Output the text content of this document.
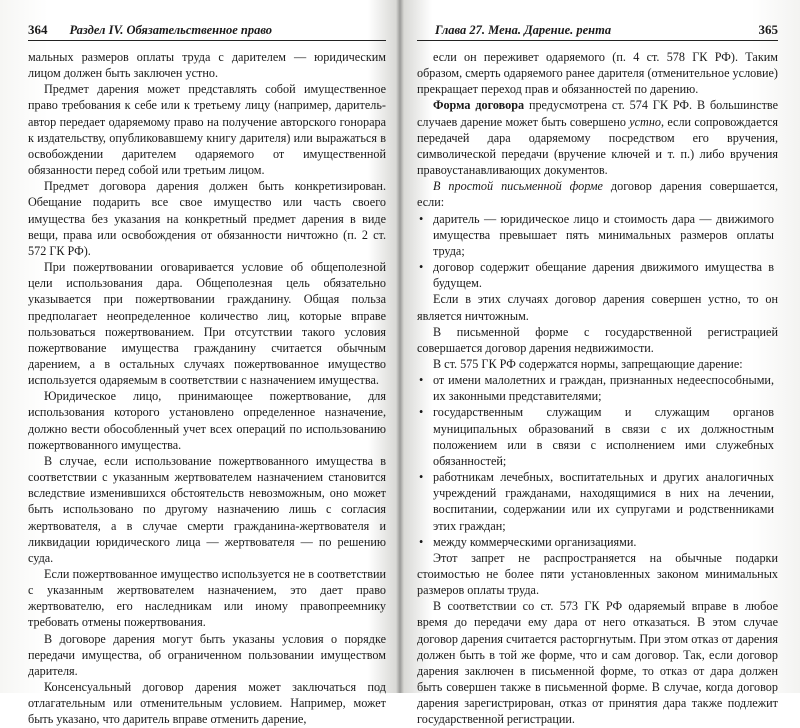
364 Раздел IV. Обязательственное право

мальных размеров оплаты труда с дарителем — юридическим лицом должен быть заключен устно.

Предмет дарения может представлять собой имущественное право требования к себе или к третьему лицу (например, даритель-автор передает одаряемому право на получение авторского гонорара к издательству, опубликовавшему книгу дарителя) или выражаться в освобождении дарителем одаряемого от имущественной обязанности перед собой или третьим лицом.

Предмет договора дарения должен быть конкретизирован. Обещание подарить все свое имущество или часть своего имущества без указания на конкретный предмет дарения в виде вещи, права или освобождения от обязанности ничтожно (п. 2 ст. 572 ГК РФ).

При пожертвовании оговаривается условие об общеполезной цели использования дара. Общеполезная цель обязательно указывается при пожертвовании гражданину. Общая польза предполагает неопределенное количество лиц, которые вправе пользоваться пожертвованием. При отсутствии такого условия пожертвование имущества гражданину считается обычным дарением, а в остальных случаях пожертвованное имущество используется одаряемым в соответствии с назначением имущества.

Юридическое лицо, принимающее пожертвование, для использования которого установлено определенное назначение, должно вести обособленный учет всех операций по использованию пожертвованного имущества.

В случае, если использование пожертвованного имущества в соответствии с указанным жертвователем назначением становится вследствие изменившихся обстоятельств невозможным, оно может быть использовано по другому назначению лишь с согласия жертвователя, а в случае смерти гражданина-жертвователя и ликвидации юридического лица — жертвователя — по решению суда.

Если пожертвованное имущество используется не в соответствии с указанным жертвователем назначением, это дает право жертвователю, его наследникам или иному правопреемнику требовать отмены пожертвования.

В договоре дарения могут быть указаны условия о порядке передачи имущества, об ограниченном пользовании имуществом дарителя.

Консенсуальный договор дарения может заключаться под отлагательным или отменительным условием. Например, может быть указано, что даритель вправе отменить дарение,

Глава 27. Мена. Дарение. рента	365

если он переживет одаряемого (п. 4 ст. 578 ГК РФ). Таким образом, смерть одаряемого ранее дарителя (отменительное условие) прекращает переход прав и обязанностей по дарению.

Форма договора предусмотрена ст. 574 ГК РФ. В большинстве случаев дарение может быть совершено устно, если сопровождается передачей дара одаряемому посредством его вручения, символической передачи (вручение ключей и т. п.) либо вручения правоустанавливающих документов.

В простой письменной форме договор дарения совершается, если:

• даритель — юридическое лицо и стоимость дара — движимого имущества превышает пять минимальных размеров оплаты труда;
• договор содержит обещание дарения движимого имущества в будущем.

Если в этих случаях договор дарения совершен устно, то он является ничтожным.

В письменной форме с государственной регистрацией совершается договор дарения недвижимости.

В ст. 575 ГК РФ содержатся нормы, запрещающие дарение:

• от имени малолетних и граждан, признанных недееспособными, их законными представителями;
• государственным служащим и служащим органов муниципальных образований в связи с их должностным положением или в связи с исполнением ими служебных обязанностей;
• работникам лечебных, воспитательных и других аналогичных учреждений гражданами, находящимися в них на лечении, воспитании, содержании или их супругами и родственниками этих граждан;
• между коммерческими организациями.

Этот запрет не распространяется на обычные подарки стоимостью не более пяти установленных законом минимальных размеров оплаты труда.

В соответствии со ст. 573 ГК РФ одаряемый вправе в любое время до передачи ему дара от него отказаться. В этом случае договор дарения считается расторгнутым. При этом отказ от дарения должен быть в той же форме, что и сам договор. Так, если договор дарения заключен в письменной форме, то отказ от дара должен быть совершен также в письменной форме. В случае, когда договор дарения зарегистрирован, отказ от принятия дара также подлежит государственной регистрации.
